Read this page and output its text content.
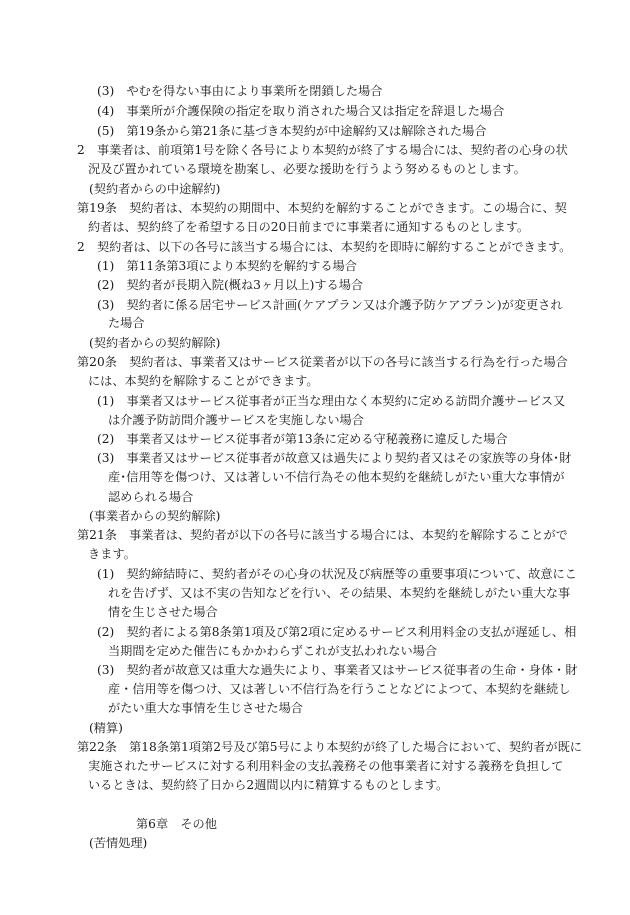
(3)　やむを得ない事由により事業所を閉鎖した場合
(4)　事業所が介護保険の指定を取り消された場合又は指定を辞退した場合
(5)　第19条から第21条に基づき本契約が中途解約又は解除された場合
2　事業者は、前項第1号を除く各号により本契約が終了する場合には、契約者の心身の状
況及び置かれている環境を勘案し、必要な援助を行うよう努めるものとします。
(契約者からの中途解約)
第19条　契約者は、本契約の期間中、本契約を解約することができます。この場合に、契
約者は、契約終了を希望する日の20日前までに事業者に通知するものとします。
2　契約者は、以下の各号に該当する場合には、本契約を即時に解約することができます。
(1)　第11条第3項により本契約を解約する場合
(2)　契約者が長期入院(概ね3ヶ月以上)する場合
(3)　契約者に係る居宅サービス計画(ケアプラン又は介護予防ケアプラン)が変更され
た場合
(契約者からの契約解除)
第20条　契約者は、事業者又はサービス従業者が以下の各号に該当する行為を行った場合
には、本契約を解除することができます。
(1)　事業者又はサービス従事者が正当な理由なく本契約に定める訪問介護サービス又
は介護予防訪問介護サービスを実施しない場合
(2)　事業者又はサービス従事者が第13条に定める守秘義務に違反した場合
(3)　事業者又はサービス従事者が故意又は過失により契約者又はその家族等の身体･財
産･信用等を傷つけ、又は著しい不信行為その他本契約を継続しがたい重大な事情が
認められる場合
(事業者からの契約解除)
第21条　事業者は、契約者が以下の各号に該当する場合には、本契約を解除することがで
きます。
(1)　契約締結時に、契約者がその心身の状況及び病歴等の重要事項について、故意にこ
れを告げず、又は不実の告知などを行い、その結果、本契約を継続しがたい重大な事
情を生じさせた場合
(2)　契約者による第8条第1項及び第2項に定めるサービス利用料金の支払が遅延し、相
当期間を定めた催告にもかかわらずこれが支払われない場合
(3)　契約者が故意又は重大な過失により、事業者又はサービス従事者の生命・身体・財
産・信用等を傷つけ、又は著しい不信行為を行うことなどによつて、本契約を継続し
がたい重大な事情を生じさせた場合
(精算)
第22条　第18条第1項第2号及び第5号により本契約が終了した場合において、契約者が既に
実施されたサービスに対する利用料金の支払義務その他事業者に対する義務を負担して
いるときは、契約終了日から2週間以内に精算するものとします。
第6章　その他
(苦情処理)
